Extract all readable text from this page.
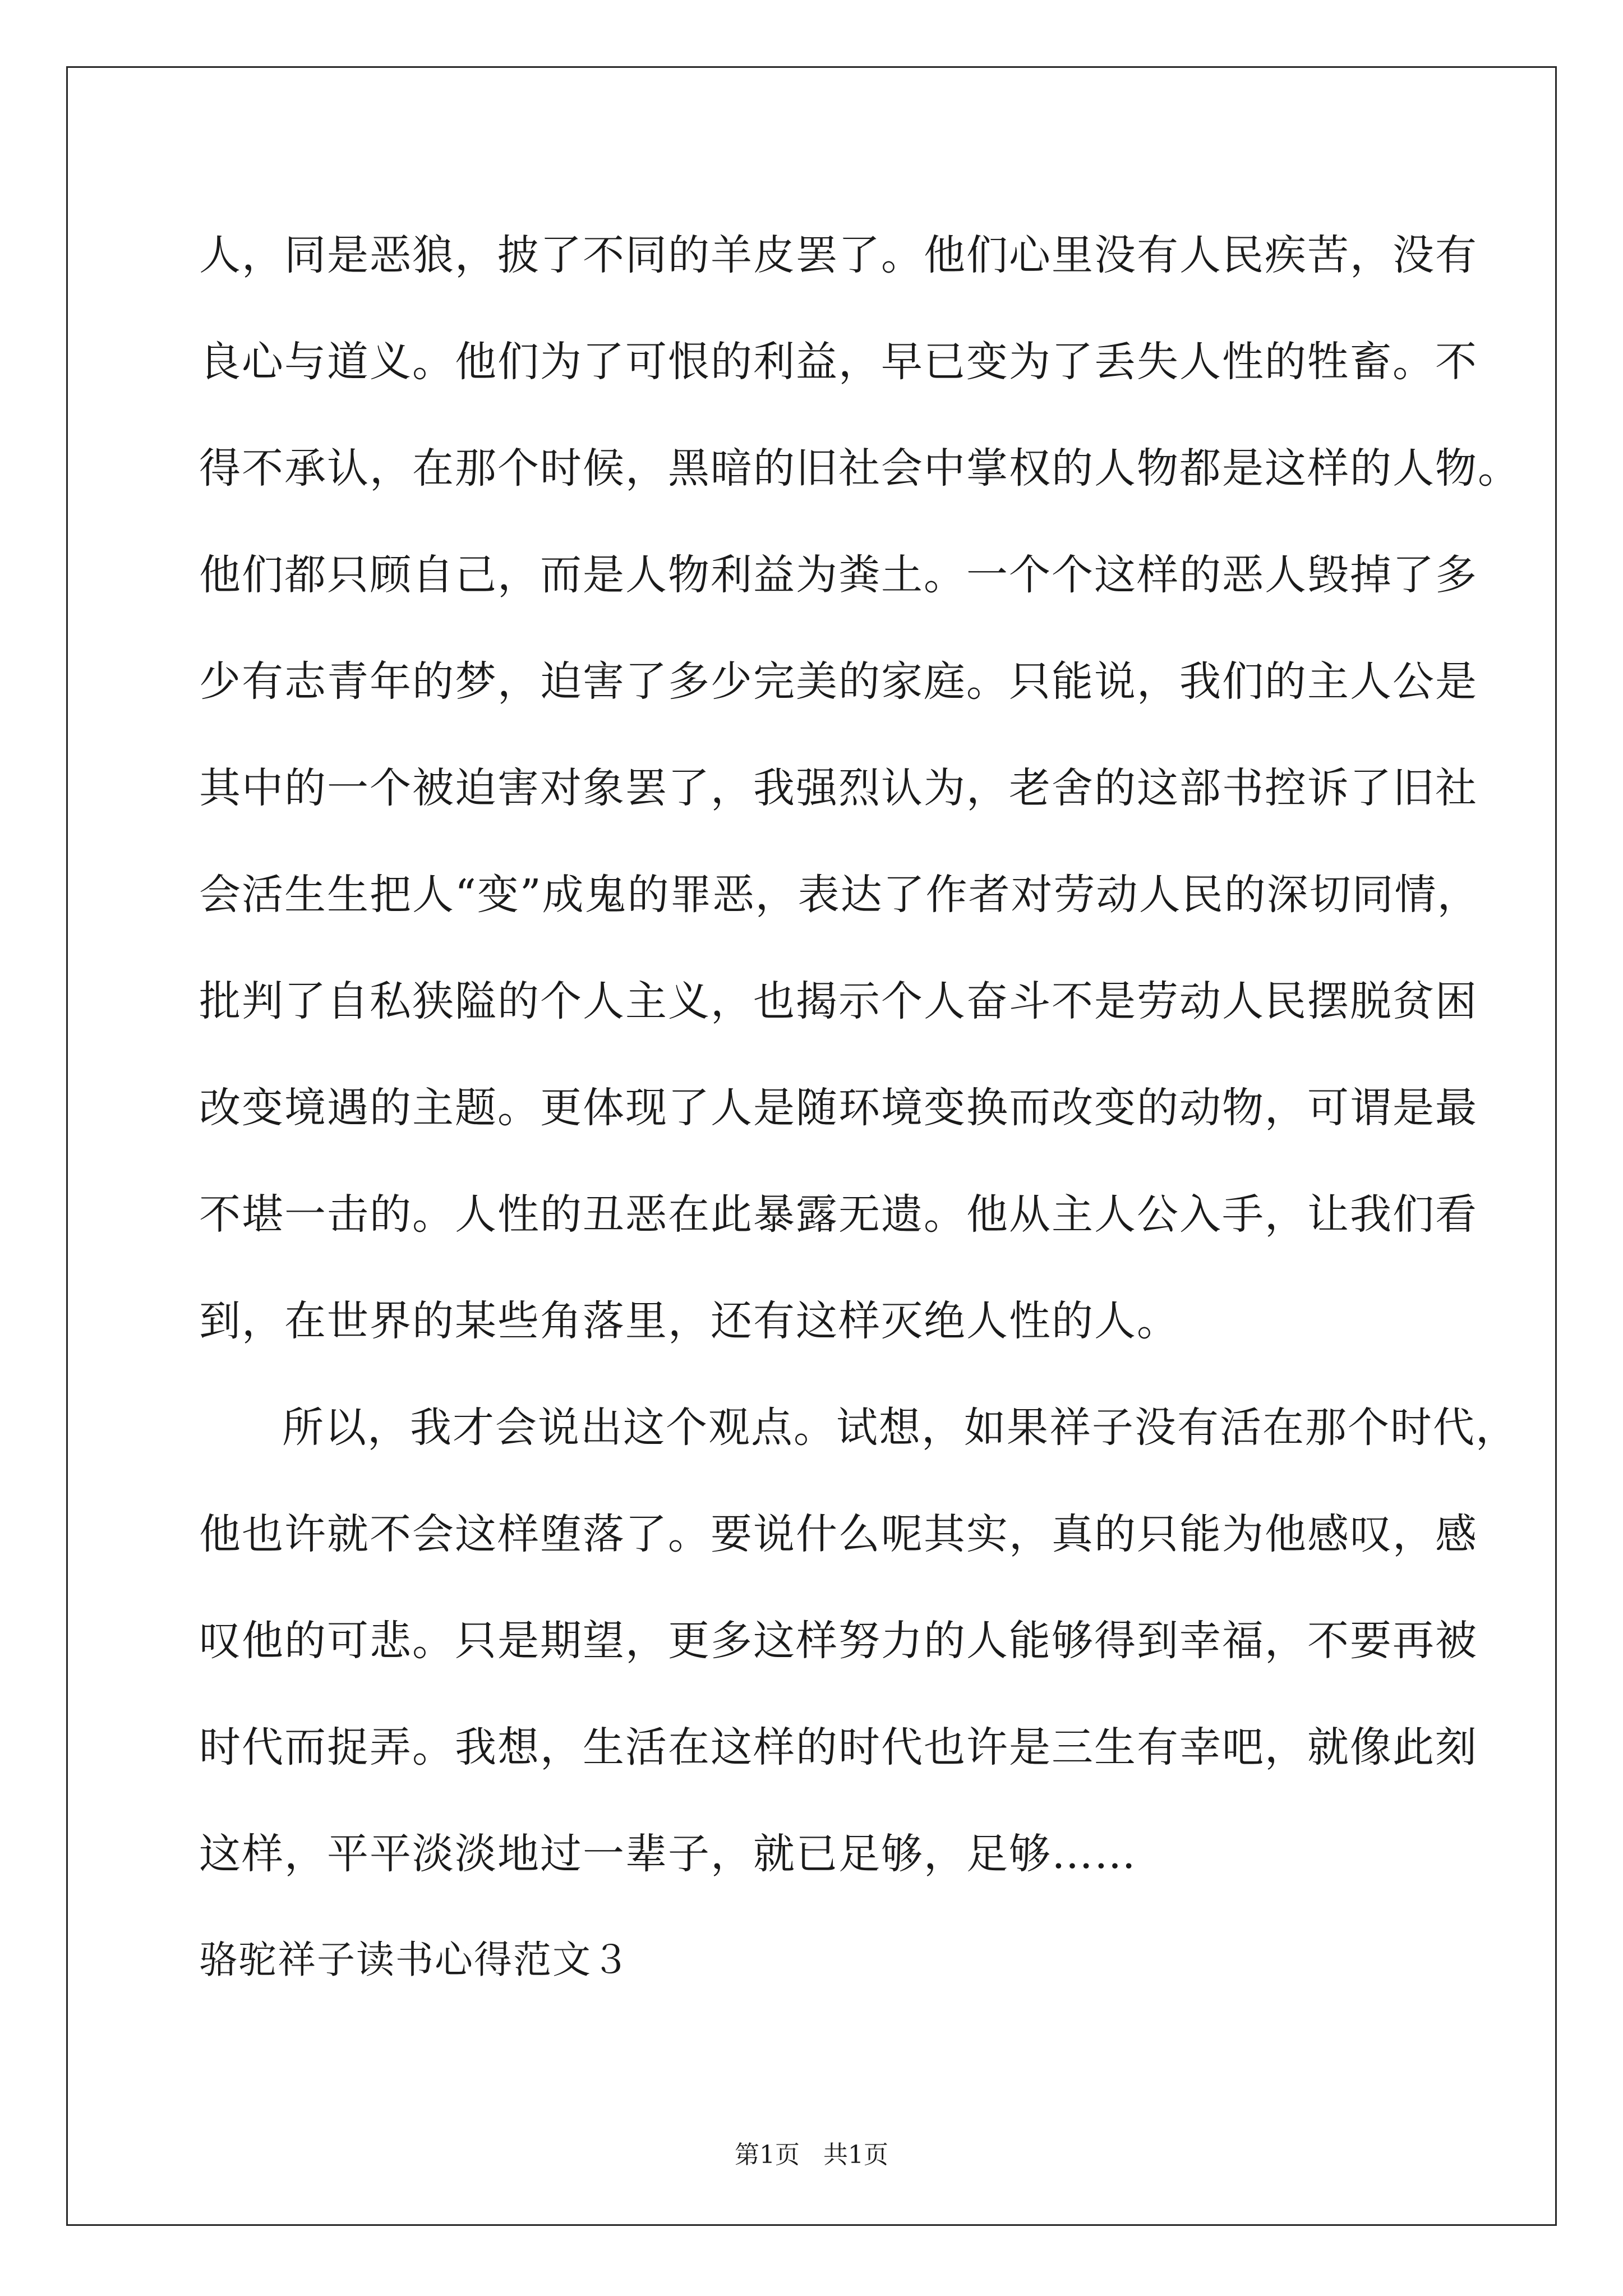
人，同是恶狼，披了不同的羊皮罢了。他们心里没有人民疾苦，没有
良心与道义。他们为了可恨的利益，早已变为了丢失人性的牲畜。不
得不承认，在那个时候，黑暗的旧社会中掌权的人物都是这样的人物。
他们都只顾自己，而是人物利益为粪土。一个个这样的恶人毁掉了多
少有志青年的梦，迫害了多少完美的家庭。只能说，我们的主人公是
其中的一个被迫害对象罢了，我强烈认为，老舍的这部书控诉了旧社
会活生生把人“变”成鬼的罪恶，表达了作者对劳动人民的深切同情，
批判了自私狭隘的个人主义，也揭示个人奋斗不是劳动人民摆脱贫困
改变境遇的主题。更体现了人是随环境变换而改变的动物，可谓是最
不堪一击的。人性的丑恶在此暴露无遗。他从主人公入手，让我们看
到，在世界的某些角落里，还有这样灭绝人性的人。
所以，我才会说出这个观点。试想，如果祥子没有活在那个时代，
他也许就不会这样堕落了。要说什么呢其实，真的只能为他感叹，感
叹他的可悲。只是期望，更多这样努力的人能够得到幸福，不要再被
时代而捉弄。我想，生活在这样的时代也许是三生有幸吧，就像此刻
这样，平平淡淡地过一辈子，就已足够，足够……
骆驼祥子读书心得范文３
第1页   共1页
